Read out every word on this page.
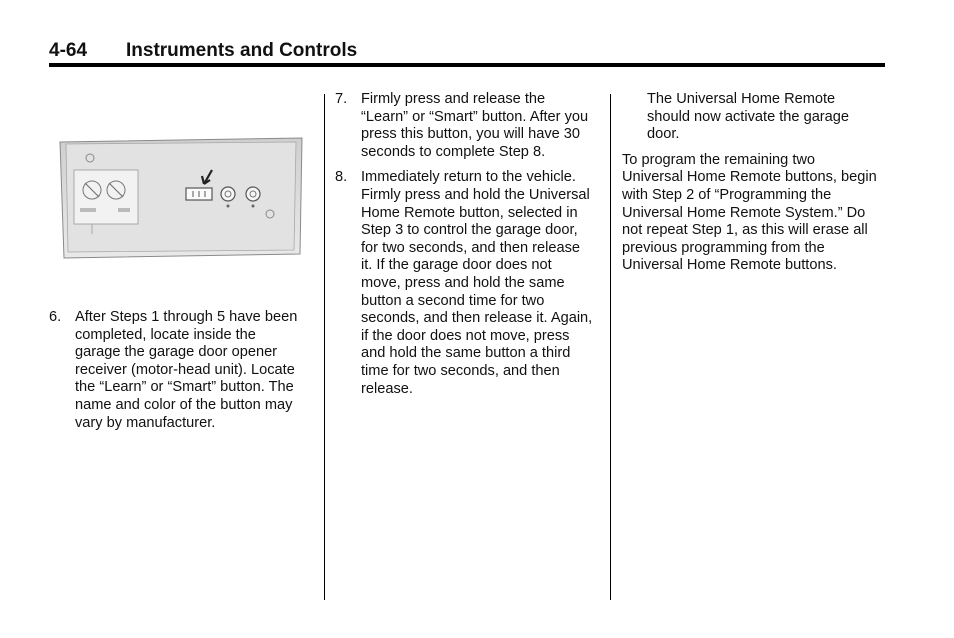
4-64 Instruments and Controls
6. After Steps 1 through 5 have been completed, locate inside the garage the garage door opener receiver (motor-head unit). Locate the “Learn” or “Smart” button. The name and color of the button may vary by manufacturer.
7. Firmly press and release the “Learn” or “Smart” button. After you press this button, you will have 30 seconds to complete Step 8.
8. Immediately return to the vehicle. Firmly press and hold the Universal Home Remote button, selected in Step 3 to control the garage door, for two seconds, and then release it. If the garage door does not move, press and hold the same button a second time for two seconds, and then release it. Again, if the door does not move, press and hold the same button a third time for two seconds, and then release.
The Universal Home Remote should now activate the garage door.
To program the remaining two Universal Home Remote buttons, begin with Step 2 of “Programming the Universal Home Remote System.” Do not repeat Step 1, as this will erase all previous programming from the Universal Home Remote buttons.
